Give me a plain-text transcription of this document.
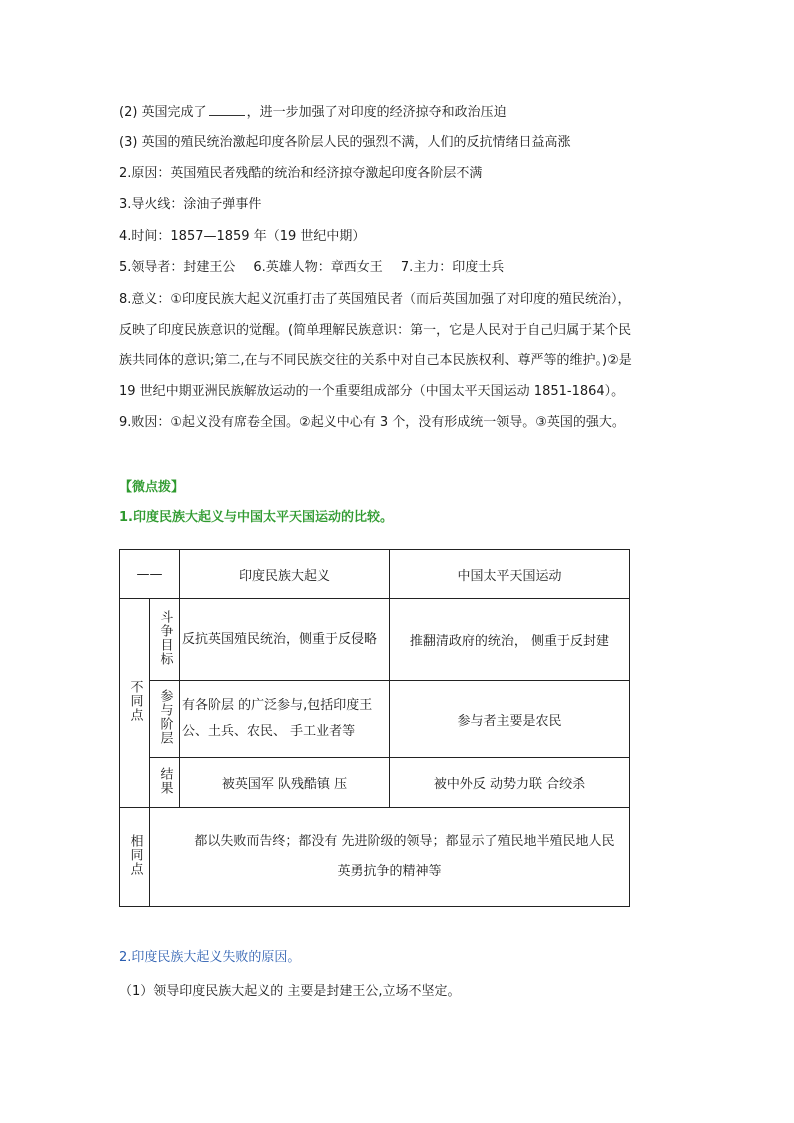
(2) 英国完成了	，进一步加强了对印度的经济掠夺和政治压迫
(3) 英国的殖民统治激起印度各阶层人民的强烈不满，人们的反抗情绪日益高涨
2.原因：英国殖民者残酷的统治和经济掠夺激起印度各阶层不满
3.导火线：涂油子弹事件
4.时间：1857—1859 年（19 世纪中期）
5.领导者：封建王公 6.英雄人物：章西女王 7.主力：印度士兵
8.意义：①印度民族大起义沉重打击了英国殖民者（而后英国加强了对印度的殖民统治），
反映了印度民族意识的觉醒。(简单理解民族意识：第一，它是人民对于自己归属于某个民
族共同体的意识;第二,在与不同民族交往的关系中对自己本民族权利、尊严等的维护。)②是
19 世纪中期亚洲民族解放运动的一个重要组成部分（中国太平天国运动 1851-1864）。
9.败因：①起义没有席卷全国。②起义中心有 3 个，没有形成统一领导。③英国的强大。
【微点拨】
1.印度民族大起义与中国太平天国运动的比较。
——		印度民族大起义	中国太平天国运动
不同点	斗争目标	反抗英国殖民统治，侧重于反侵略	推翻清政府的统治， 侧重于反封建
	参与阶层	有各阶层 的广泛参与,包括印度王公、土兵、农民、 手工业者等	参与者主要是农民
	结果	被英国军 队残酷镇 压	被中外反 动势力联 合绞杀
相同点	都以失败而告终；都没有 先进阶级的领导；都显示了殖民地半殖民地人民
英勇抗争的精神等		
2.印度民族大起义失败的原因。
（1）领导印度民族大起义的 主要是封建王公,立场不坚定。
